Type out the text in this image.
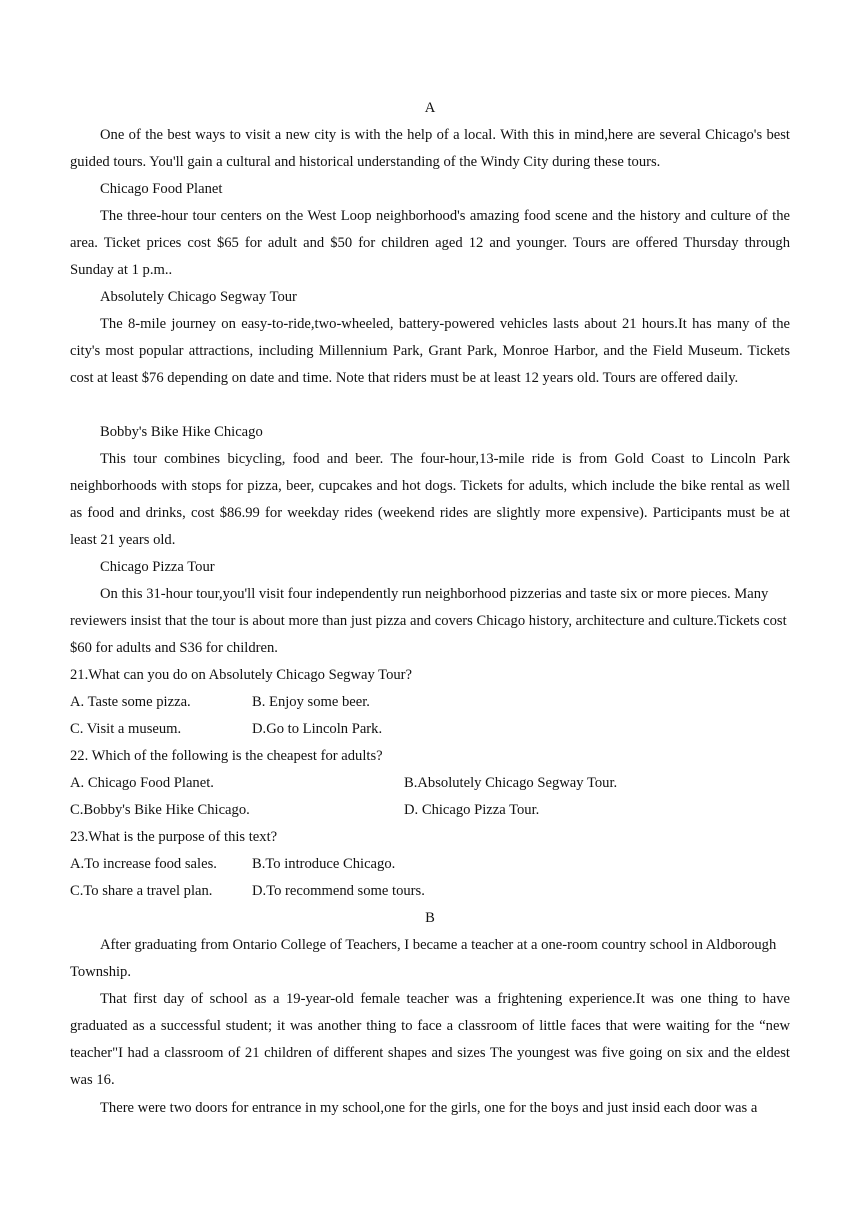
A
One of the best ways to visit a new city is with the help of a local. With this in mind,here are several Chicago's best guided tours. You'll gain a cultural and historical understanding of the Windy City during these tours.
Chicago Food Planet
The three-hour tour centers on the West Loop neighborhood's amazing food scene and the history and culture of the area. Ticket prices cost $65 for adult and $50 for children aged 12 and younger. Tours are offered Thursday through Sunday at 1 p.m..
Absolutely Chicago Segway Tour
The 8-mile journey on easy-to-ride,two-wheeled, battery-powered vehicles lasts about 21 hours.It has many of the city's most popular attractions, including Millennium Park, Grant Park, Monroe Harbor, and the Field Museum. Tickets cost at least $76 depending on date and time. Note that riders must be at least 12 years old. Tours are offered daily.
Bobby's Bike Hike Chicago
This tour combines bicycling, food and beer. The four-hour,13-mile ride is from Gold Coast to Lincoln Park neighborhoods with stops for pizza, beer, cupcakes and hot dogs. Tickets for adults, which include the bike rental as well as food and drinks, cost $86.99 for weekday rides (weekend rides are slightly more expensive). Participants must be at least 21 years old.
Chicago Pizza Tour
On this 31-hour tour,you'll visit four independently run neighborhood pizzerias and taste six or more pieces. Many reviewers insist that the tour is about more than just pizza and covers Chicago history, architecture and culture.Tickets cost $60 for adults and S36 for children.
21.What can you do on Absolutely Chicago Segway Tour?
A. Taste some pizza.	B. Enjoy some beer.
C. Visit a museum.	D.Go to Lincoln Park.
22. Which of the following is the cheapest for adults?
A. Chicago Food Planet.	B.Absolutely Chicago Segway Tour.
C.Bobby's Bike Hike Chicago.	D. Chicago Pizza Tour.
23.What is the purpose of this text?
A.To increase food sales. B.To introduce Chicago.
C.To share a travel plan.	D.To recommend some tours.
B
After graduating from Ontario College of Teachers, I became a teacher at a one-room country school in Aldborough Township.
That first day of school as a 19-year-old female teacher was a frightening experience.It was one thing to have graduated as a successful student; it was another thing to face a classroom of little faces that were waiting for the “new teacher"I had a classroom of 21 children of different shapes and sizes The youngest was five going on six and the eldest was 16.
There were two doors for entrance in my school,one for the girls, one for the boys and just insid each door was a
